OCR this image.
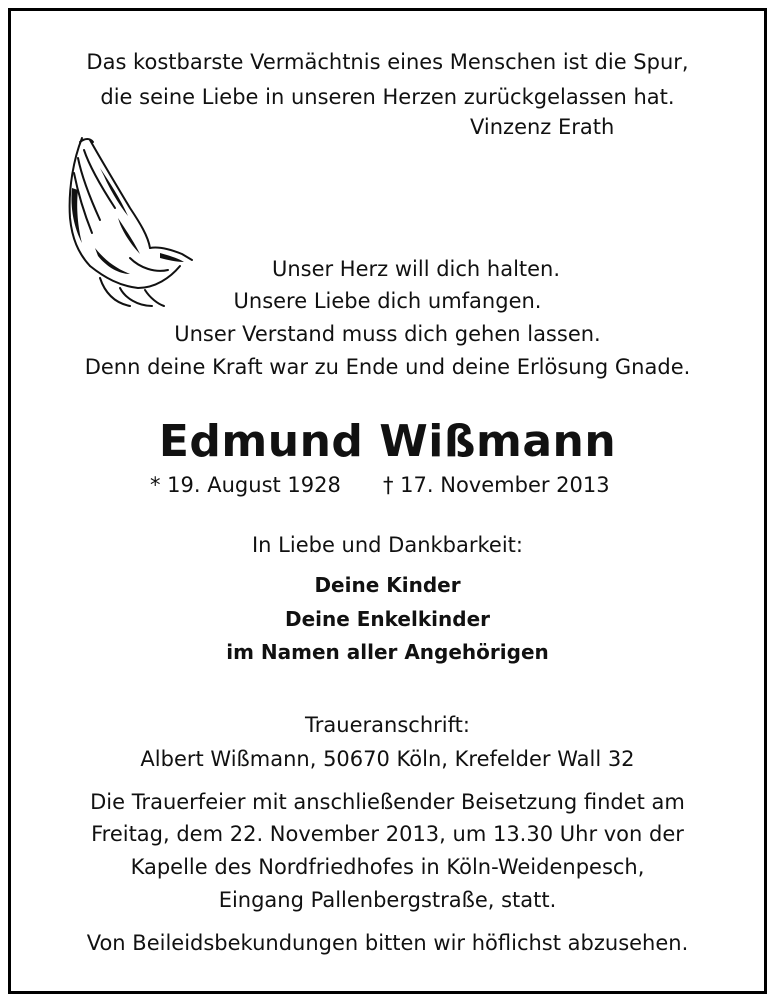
Das kostbarste Vermächtnis eines Menschen ist die Spur,
die seine Liebe in unseren Herzen zurückgelassen hat.
Vinzenz Erath
Unser Herz will dich halten.
Unsere Liebe dich umfangen.
Unser Verstand muss dich gehen lassen.
Denn deine Kraft war zu Ende und deine Erlösung Gnade.
Edmund Wißmann
* 19. August 1928 † 17. November 2013
In Liebe und Dankbarkeit:
Deine Kinder
Deine Enkelkinder
im Namen aller Angehörigen
Traueranschrift:
Albert Wißmann, 50670 Köln, Krefelder Wall 32
Die Trauerfeier mit anschließender Beisetzung findet am
Freitag, dem 22. November 2013, um 13.30 Uhr von der
Kapelle des Nordfriedhofes in Köln-Weidenpesch,
Eingang Pallenbergstraße, statt.
Von Beileidsbekundungen bitten wir höflichst abzusehen.
